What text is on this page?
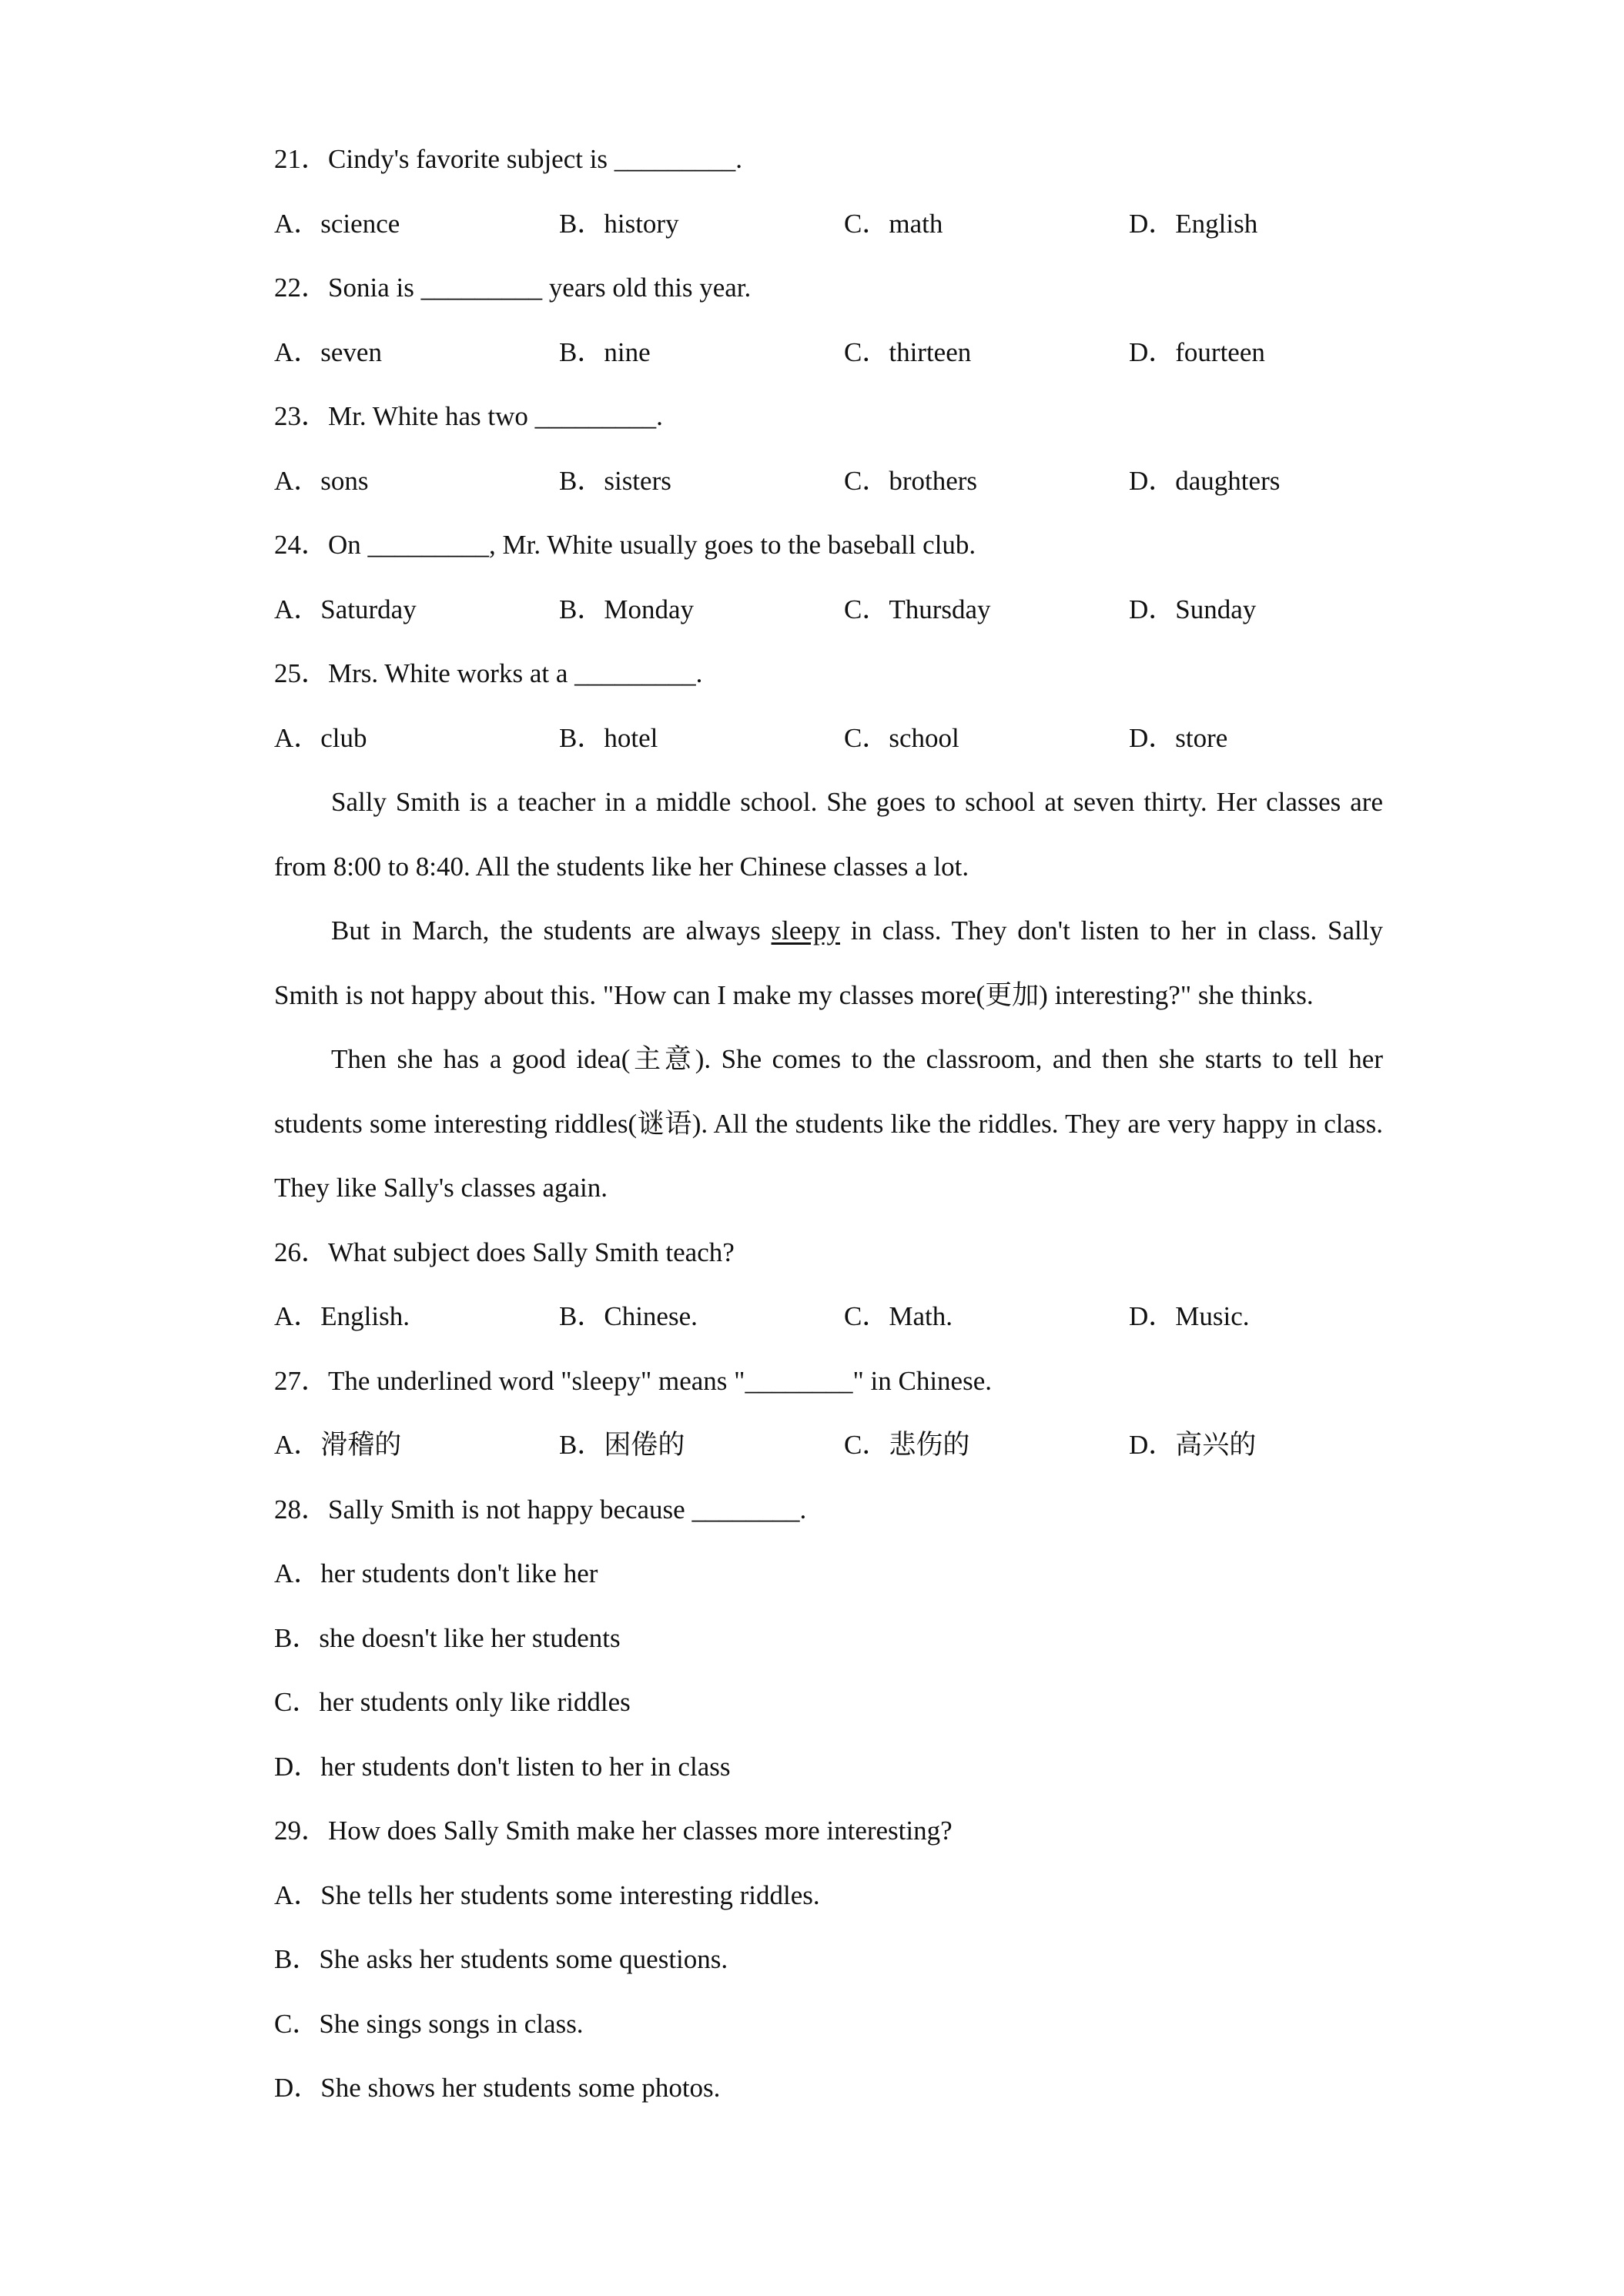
21．Cindy's favorite subject is _________.
A．science	B．history	C．math	D．English
22．Sonia is _________ years old this year.
A．seven	B．nine	C．thirteen	D．fourteen
23．Mr. White has two _________.
A．sons	B．sisters	C．brothers	D．daughters
24．On _________, Mr. White usually goes to the baseball club.
A．Saturday	B．Monday	C．Thursday	D．Sunday
25．Mrs. White works at a _________.
A．club	B．hotel	C．school	D．store
Sally Smith is a teacher in a middle school. She goes to school at seven thirty. Her classes are from 8:00 to 8:40. All the students like her Chinese classes a lot.
But in March, the students are always sleepy in class. They don't listen to her in class. Sally Smith is not happy about this. "How can I make my classes more(更加) interesting?" she thinks.
Then she has a good idea(主意). She comes to the classroom, and then she starts to tell her students some interesting riddles(谜语). All the students like the riddles. They are very happy in class. They like Sally's classes again.
26．What subject does Sally Smith teach?
A．English.	B．Chinese.	C．Math.	D．Music.
27．The underlined word "sleepy" means "________" in Chinese.
A．滑稽的	B．困倦的	C．悲伤的	D．高兴的
28．Sally Smith is not happy because ________.
A．her students don't like her
B．she doesn't like her students
C．her students only like riddles
D．her students don't listen to her in class
29．How does Sally Smith make her classes more interesting?
A．She tells her students some interesting riddles.
B．She asks her students some questions.
C．She sings songs in class.
D．She shows her students some photos.
